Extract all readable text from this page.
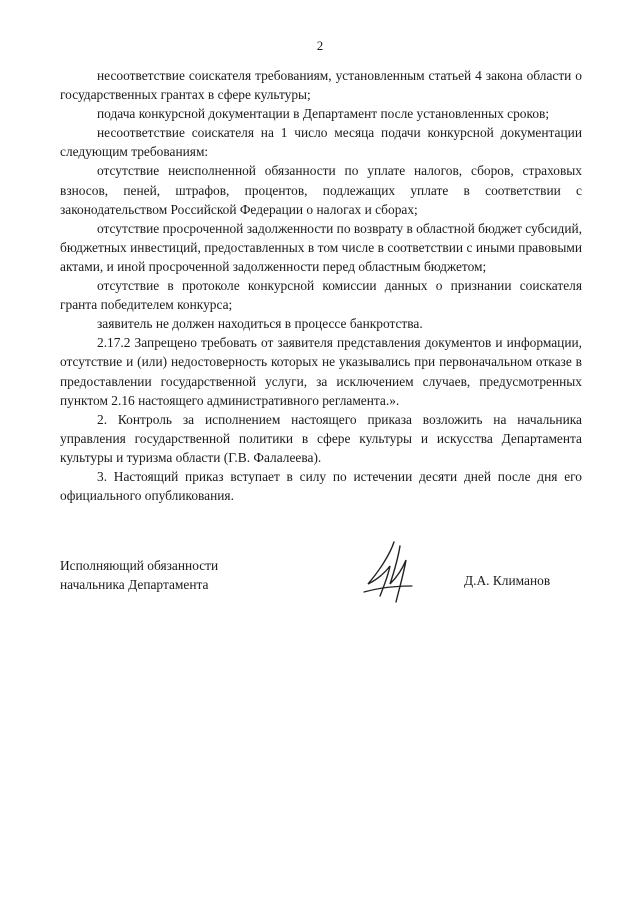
2

несоответствие соискателя требованиям, установленным статьей 4 закона области о государственных грантах в сфере культуры;

подача конкурсной документации в Департамент после установленных сроков;

несоответствие соискателя на 1 число месяца подачи конкурсной документации следующим требованиям:

отсутствие неисполненной обязанности по уплате налогов, сборов, страховых взносов, пеней, штрафов, процентов, подлежащих уплате в соответствии с законодательством Российской Федерации о налогах и сборах;

отсутствие просроченной задолженности по возврату в областной бюджет субсидий, бюджетных инвестиций, предоставленных в том числе в соответствии с иными правовыми актами, и иной просроченной задолженности перед областным бюджетом;

отсутствие в протоколе конкурсной комиссии данных о признании соискателя гранта победителем конкурса;

заявитель не должен находиться в процессе банкротства.

2.17.2 Запрещено требовать от заявителя представления документов и информации, отсутствие и (или) недостоверность которых не указывались при первоначальном отказе в предоставлении государственной услуги, за исключением случаев, предусмотренных пунктом 2.16 настоящего административного регламента.».

2. Контроль за исполнением настоящего приказа возложить на начальника управления государственной политики в сфере культуры и искусства Департамента культуры и туризма области (Г.В. Фалалеева).

3. Настоящий приказ вступает в силу по истечении десяти дней после дня его официального опубликования.

Исполняющий обязанности
начальника Департамента	Д.А. Климанов
